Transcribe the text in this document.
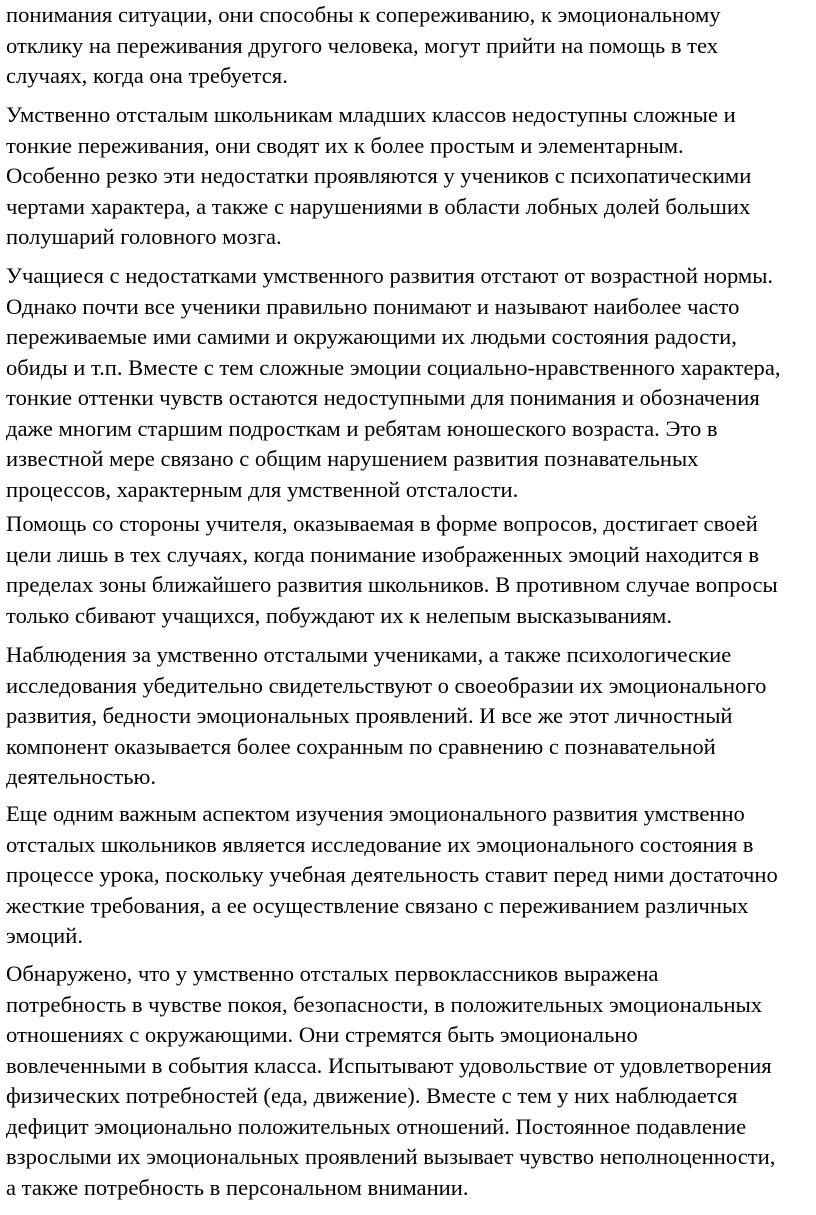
понимания ситуации, они способны к сопереживанию, к эмоциональному
отклику на переживания другого человека, могут прийти на помощь в тех
случаях, когда она требуется.

Умственно отсталым школьникам младших классов недоступны сложные и
тонкие переживания, они сводят их к более простым и элементарным.
Особенно резко эти недостатки проявляются у учеников с психопатическими
чертами характера, а также с нарушениями в области лобных долей больших
полушарий головного мозга.

Учащиеся с недостатками умственного развития отстают от возрастной нормы.
Однако почти все ученики правильно понимают и называют наиболее часто
переживаемые ими самими и окружающими их людьми состояния радости,
обиды и т.п. Вместе с тем сложные эмоции социально-нравственного характера,
тонкие оттенки чувств остаются недоступными для понимания и обозначения
даже многим старшим подросткам и ребятам юношеского возраста. Это в
известной мере связано с общим нарушением развития познавательных
процессов, характерным для умственной отсталости.

Помощь со стороны учителя, оказываемая в форме вопросов, достигает своей
цели лишь в тех случаях, когда понимание изображенных эмоций находится в
пределах зоны ближайшего развития школьников. В противном случае вопросы
только сбивают учащихся, побуждают их к нелепым высказываниям.

Наблюдения за умственно отсталыми учениками, а также психологические
исследования убедительно свидетельствуют о своеобразии их эмоционального
развития, бедности эмоциональных проявлений. И все же этот личностный
компонент оказывается более сохранным по сравнению с познавательной
деятельностью.

Еще одним важным аспектом изучения эмоционального развития умственно
отсталых школьников является исследование их эмоционального состояния в
процессе урока, поскольку учебная деятельность ставит перед ними достаточно
жесткие требования, а ее осуществление связано с переживанием различных
эмоций.

Обнаружено, что у умственно отсталых первоклассников выражена
потребность в чувстве покоя, безопасности, в положительных эмоциональных
отношениях с окружающими. Они стремятся быть эмоционально
вовлеченными в события класса. Испытывают удовольствие от удовлетворения
физических потребностей (еда, движение). Вместе с тем у них наблюдается
дефицит эмоционально положительных отношений. Постоянное подавление
взрослыми их эмоциональных проявлений вызывает чувство неполноценности,
а также потребность в персональном внимании.
